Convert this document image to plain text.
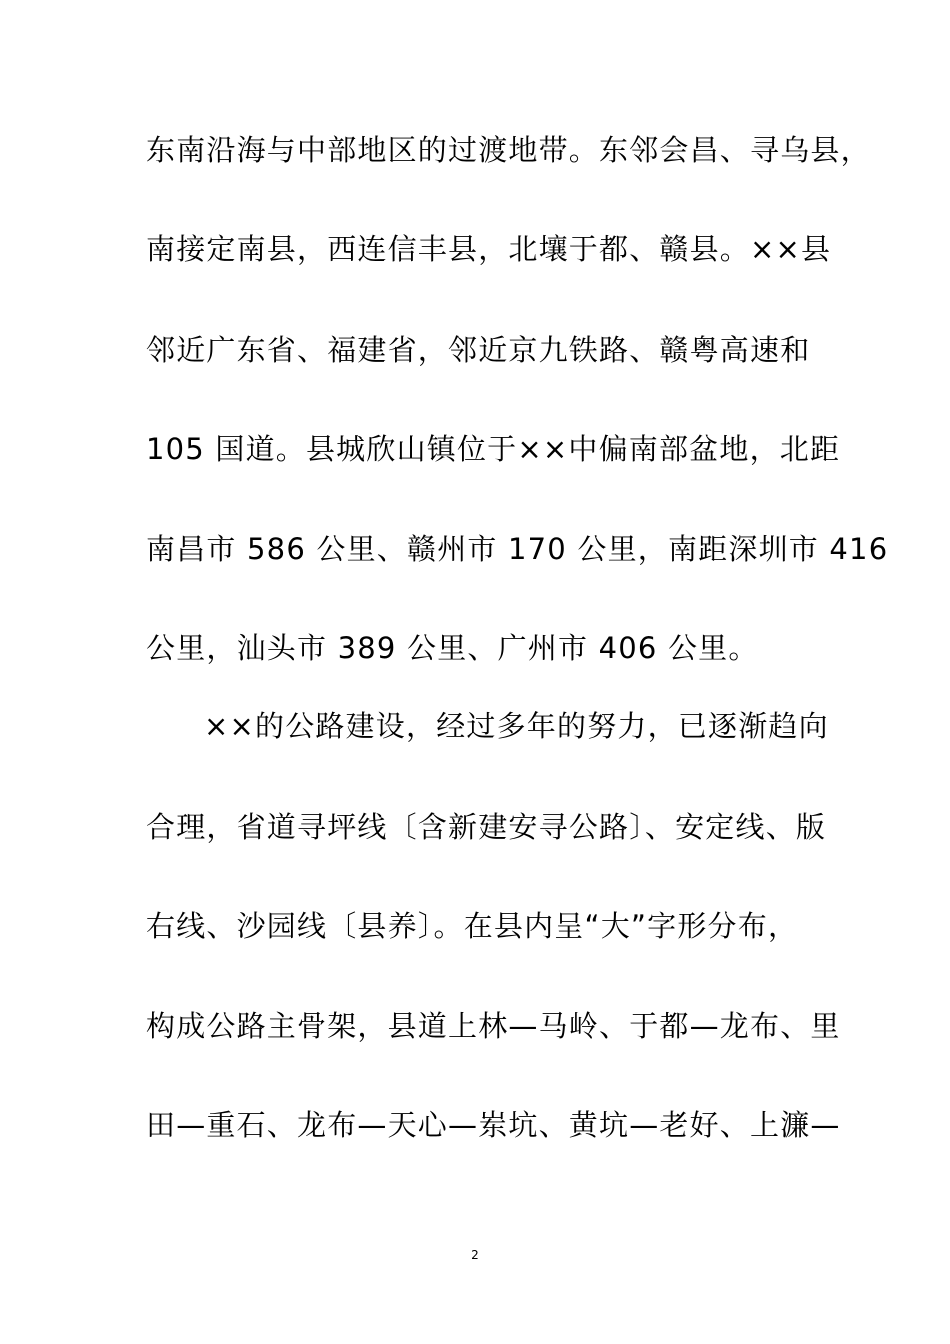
东南沿海与中部地区的过渡地带。东邻会昌、寻乌县，
南接定南县，西连信丰县，北壤于都、赣县。××县
邻近广东省、福建省，邻近京九铁路、赣粤高速和
105 国道。县城欣山镇位于××中偏南部盆地，北距
南昌市 586 公里、赣州市 170 公里，南距深圳市 416
公里，汕头市 389 公里、广州市 406 公里。
××的公路建设，经过多年的努力，已逐渐趋向
合理，省道寻坪线〔含新建安寻公路〕、安定线、版
右线、沙园线〔县养〕。在县内呈“大”字形分布，
构成公路主骨架，县道上林—马岭、于都—龙布、里
田—重石、龙布—天心—岽坑、黄坑—老好、上濂—
2
